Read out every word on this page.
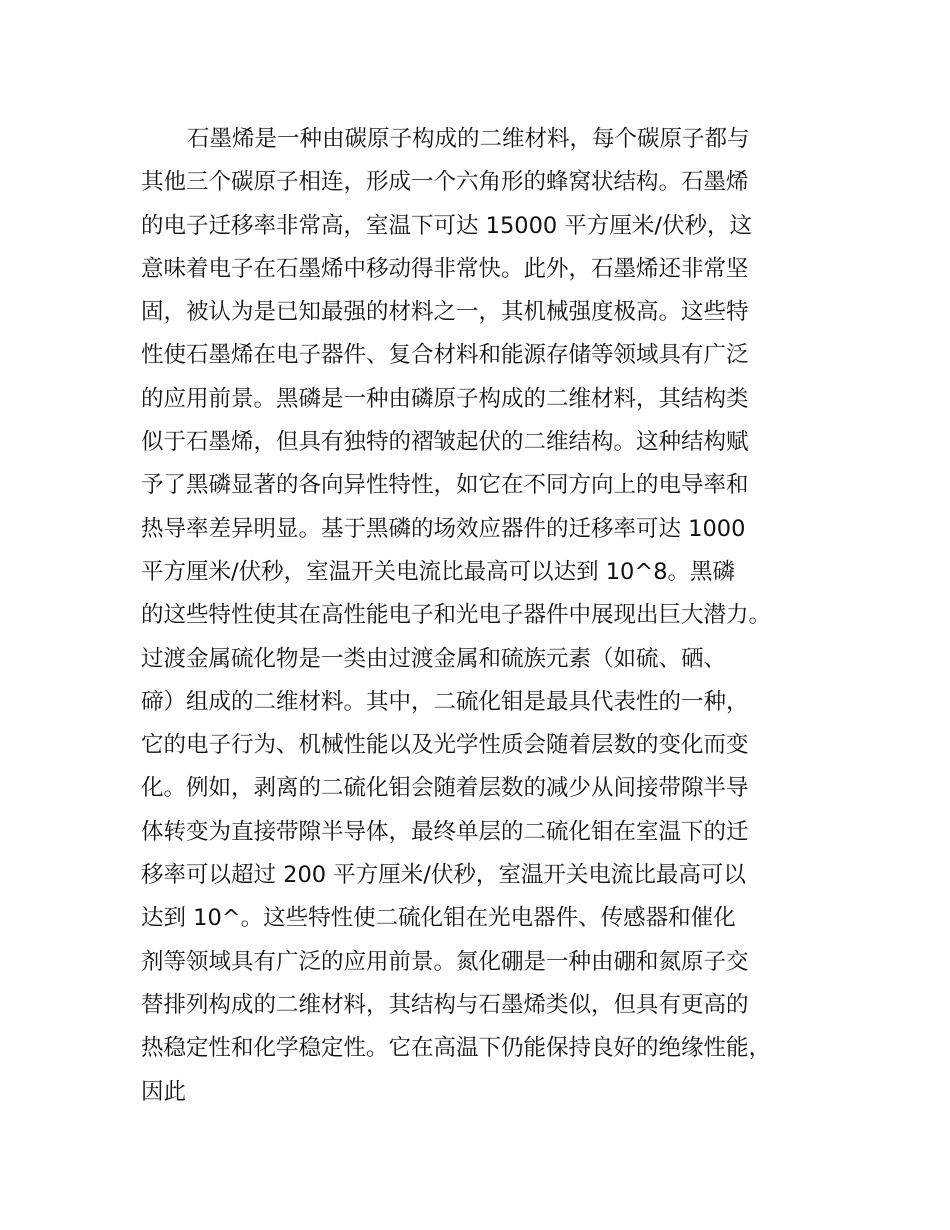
石墨烯是一种由碳原子构成的二维材料，每个碳原子都与
其他三个碳原子相连，形成一个六角形的蜂窝状结构。石墨烯
的电子迁移率非常高，室温下可达 15000 平方厘米/伏秒，这
意味着电子在石墨烯中移动得非常快。此外，石墨烯还非常坚
固，被认为是已知最强的材料之一，其机械强度极高。这些特
性使石墨烯在电子器件、复合材料和能源存储等领域具有广泛
的应用前景。黑磷是一种由磷原子构成的二维材料，其结构类
似于石墨烯，但具有独特的褶皱起伏的二维结构。这种结构赋
予了黑磷显著的各向异性特性，如它在不同方向上的电导率和
热导率差异明显。基于黑磷的场效应器件的迁移率可达 1000
平方厘米/伏秒，室温开关电流比最高可以达到 10^8。黑磷
的这些特性使其在高性能电子和光电子器件中展现出巨大潜力。
过渡金属硫化物是一类由过渡金属和硫族元素（如硫、硒、
碲）组成的二维材料。其中，二硫化钼是最具代表性的一种，
它的电子行为、机械性能以及光学性质会随着层数的变化而变
化。例如，剥离的二硫化钼会随着层数的减少从间接带隙半导
体转变为直接带隙半导体，最终单层的二硫化钼在室温下的迁
移率可以超过 200 平方厘米/伏秒，室温开关电流比最高可以
达到 10^。这些特性使二硫化钼在光电器件、传感器和催化
剂等领域具有广泛的应用前景。氮化硼是一种由硼和氮原子交
替排列构成的二维材料，其结构与石墨烯类似，但具有更高的
热稳定性和化学稳定性。它在高温下仍能保持良好的绝缘性能，
因此
